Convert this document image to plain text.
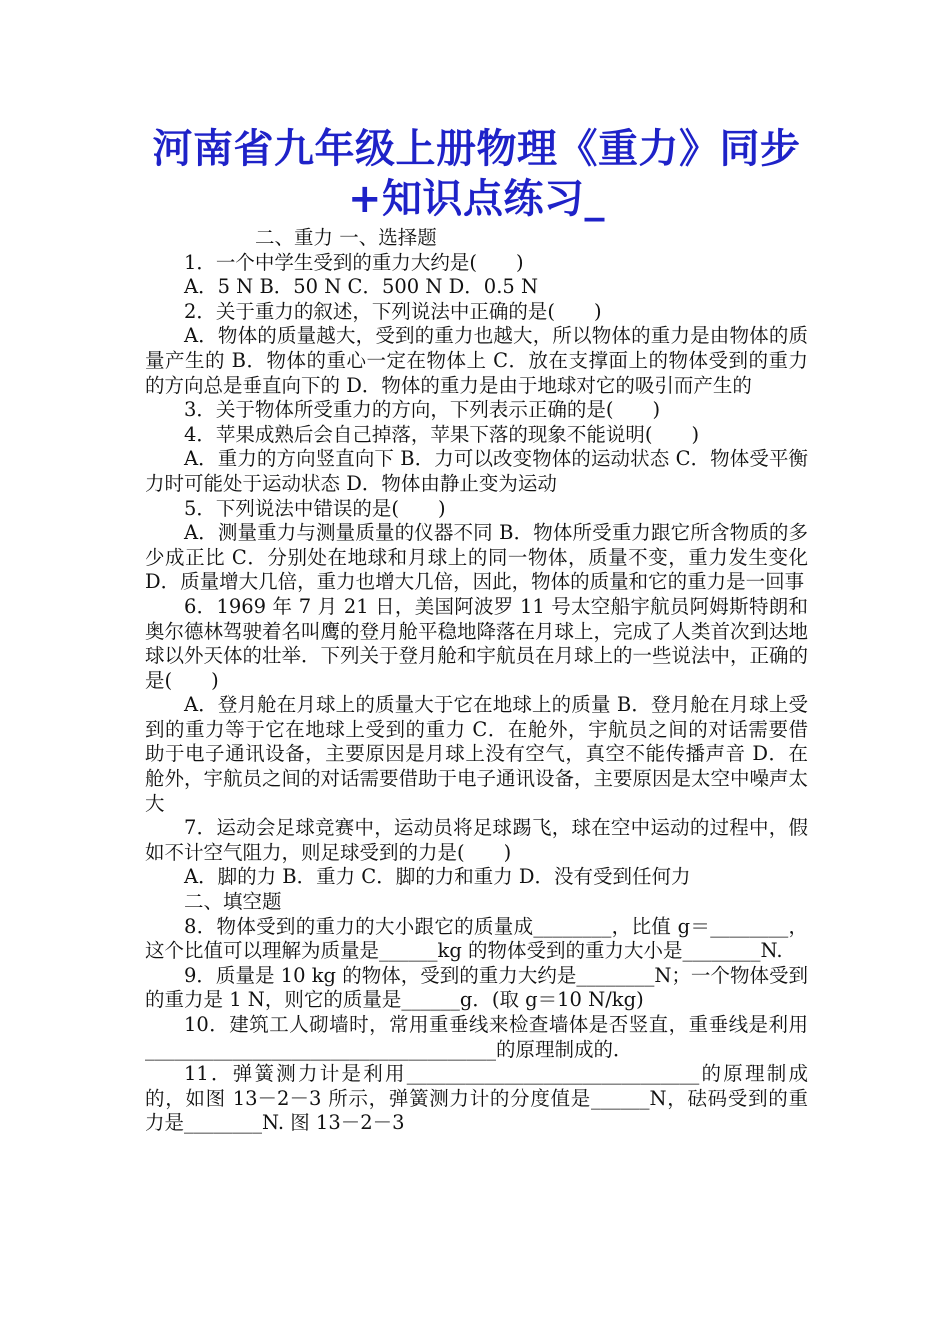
河南省九年级上册物理《重力》同步+知识点练习_

二、重力 一、选择题

1．一个中学生受到的重力大约是(　　)

A．5 N B．50 N C．500 N D．0.5 N

2．关于重力的叙述，下列说法中正确的是(　　)

A．物体的质量越大，受到的重力也越大，所以物体的重力是由物体的质量产生的 B．物体的重心一定在物体上 C．放在支撑面上的物体受到的重力的方向总是垂直向下的 D．物体的重力是由于地球对它的吸引而产生的

3．关于物体所受重力的方向，下列表示正确的是(　　)

4．苹果成熟后会自己掉落，苹果下落的现象不能说明(　　)

A．重力的方向竖直向下 B．力可以改变物体的运动状态 C．物体受平衡力时可能处于运动状态 D．物体由静止变为运动

5．下列说法中错误的是(　　)

A．测量重力与测量质量的仪器不同 B．物体所受重力跟它所含物质的多少成正比 C．分别处在地球和月球上的同一物体，质量不变，重力发生变化 D．质量增大几倍，重力也增大几倍，因此，物体的质量和它的重力是一回事

6．1969 年 7 月 21 日，美国阿波罗 11 号太空船宇航员阿姆斯特朗和奥尔德林驾驶着名叫鹰的登月舱平稳地降落在月球上，完成了人类首次到达地球以外天体的壮举．下列关于登月舱和宇航员在月球上的一些说法中，正确的是(　　)

A．登月舱在月球上的质量大于它在地球上的质量 B．登月舱在月球上受到的重力等于它在地球上受到的重力 C．在舱外，宇航员之间的对话需要借助于电子通讯设备，主要原因是月球上没有空气，真空不能传播声音 D．在舱外，宇航员之间的对话需要借助于电子通讯设备，主要原因是太空中噪声太大

7．运动会足球竞赛中，运动员将足球踢飞，球在空中运动的过程中，假如不计空气阻力，则足球受到的力是(　　)

A．脚的力 B．重力 C．脚的力和重力 D．没有受到任何力

二、填空题

8．物体受到的重力的大小跟它的质量成________，比值 g＝________，这个比值可以理解为质量是______kg 的物体受到的重力大小是________N.

9．质量是 10 kg 的物体，受到的重力大约是________N；一个物体受到的重力是 1 N，则它的质量是______g．(取 g＝10 N/kg)

10．建筑工人砌墙时，常用重垂线来检查墙体是否竖直，重垂线是利用____________________________________的原理制成的．

11．弹簧测力计是利用______________________________的原理制成的，如图 13－2－3 所示，弹簧测力计的分度值是______N，砝码受到的重力是________N. 图 13－2－3
